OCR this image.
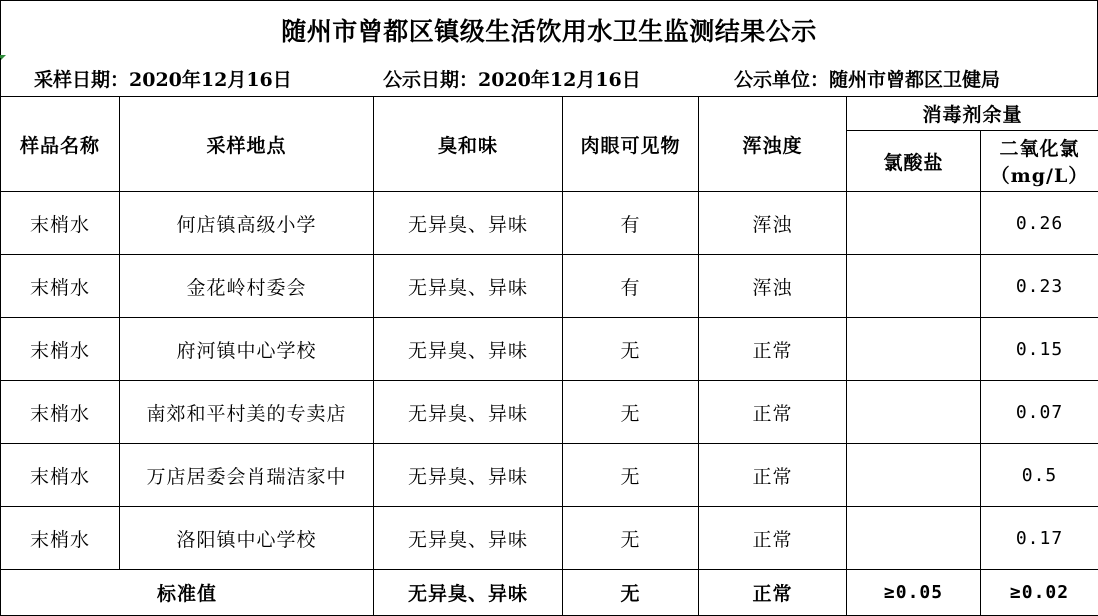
随州市曾都区镇级生活饮用水卫生监测结果公示
采样日期：2020年12月16日	公示日期：2020年12月16日	公示单位：随州市曾都区卫健局
样品名称	采样地点	臭和味	肉眼可见物	浑浊度	消毒剂余量	
					氯酸盐	二氧化氯
（mg/L）

末梢水	何店镇高级小学	无异臭、异味	有	浑浊		0.26
末梢水	金花岭村委会	无异臭、异味	有	浑浊		0.23
末梢水	府河镇中心学校	无异臭、异味	无	正常		0.15
末梢水	南郊和平村美的专卖店	无异臭、异味	无	正常		0.07
末梢水	万店居委会肖瑞洁家中	无异臭、异味	无	正常		0.5
末梢水	洛阳镇中心学校	无异臭、异味	无	正常		0.17
标准值		无异臭、异味	无	正常	≥0.05	≥0.02
